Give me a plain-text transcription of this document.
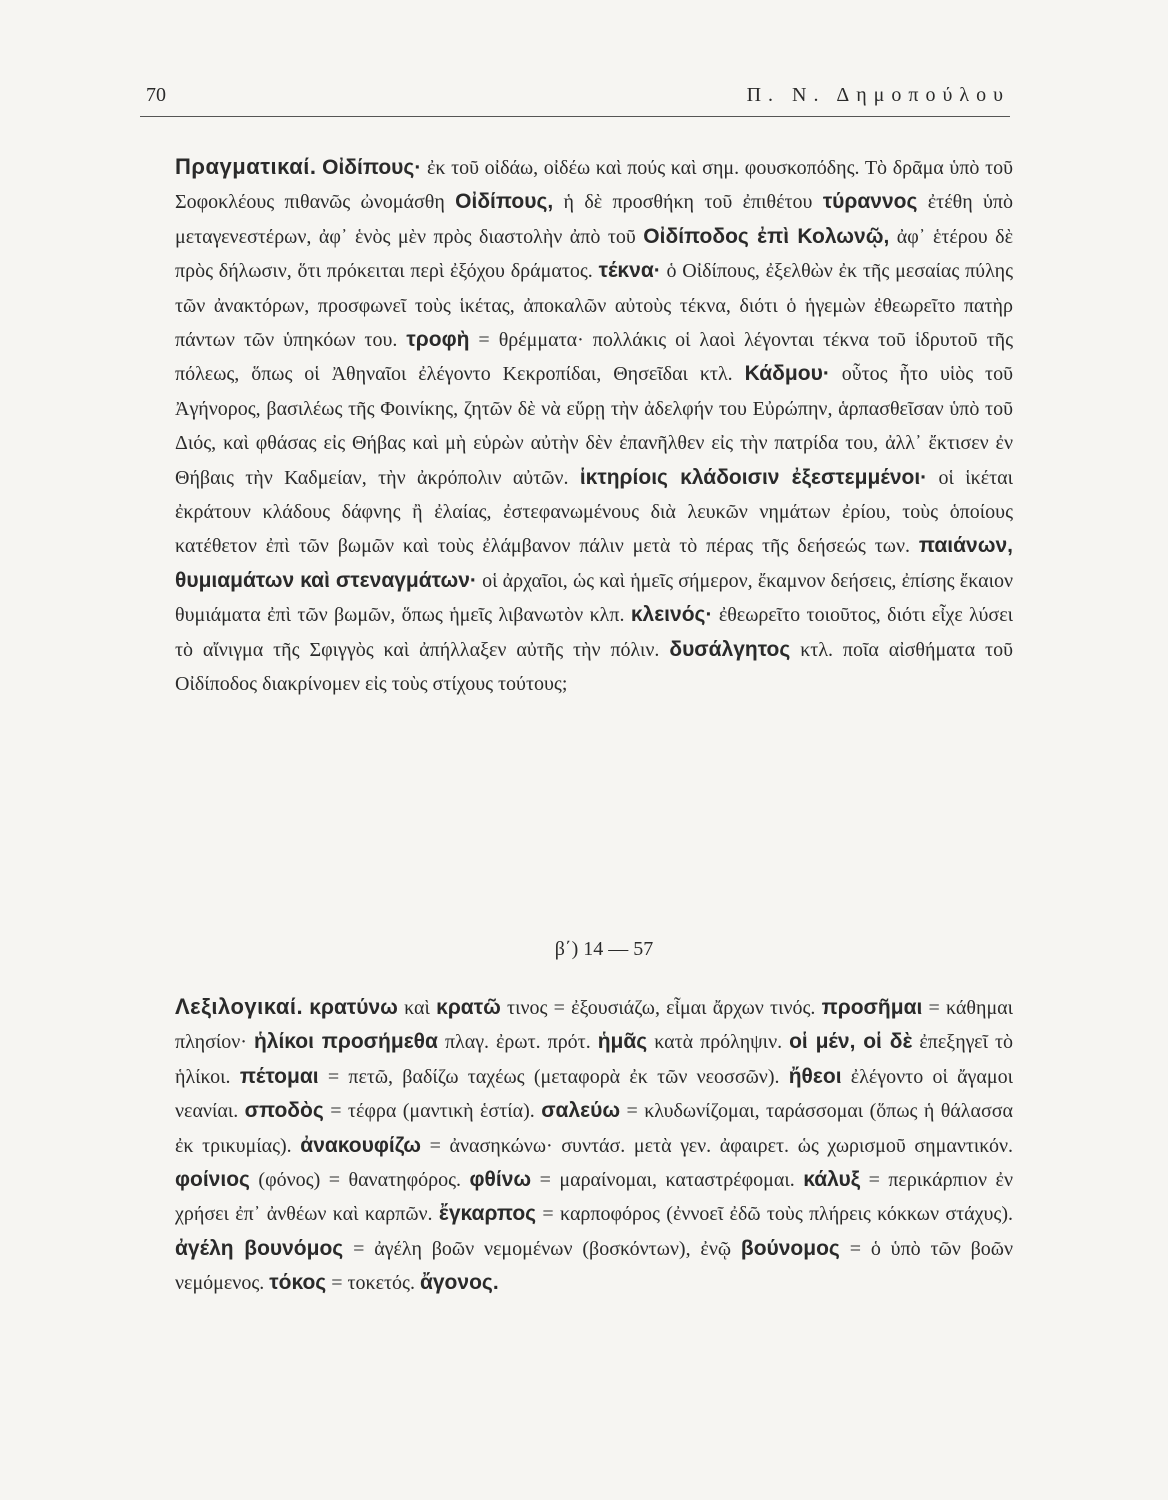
70	Π. Ν. Δημοπούλου

Πραγματικαί. Οἰδίπους· ἐκ τοῦ οἰδάω, οἰδέω καὶ πούς καὶ σημ. φουσκοπόδης. Τὸ δρᾶμα ὑπὸ τοῦ Σοφοκλέους πιθανῶς ὠνομάσθη Οἰδίπους, ἡ δὲ προσθήκη τοῦ ἐπιθέτου τύραννος ἐτέθη ὑπὸ μεταγενεστέρων, ἀφ᾽ ἑνὸς μὲν πρὸς διαστολὴν ἀπὸ τοῦ Οἰδίποδος ἐπὶ Κολωνῷ, ἀφ᾽ ἑτέρου δὲ πρὸς δήλωσιν, ὅτι πρόκειται περὶ ἐξόχου δράματος. τέκνα· ὁ Οἰδίπους, ἐξελθὼν ἐκ τῆς μεσαίας πύλης τῶν ἀνακτόρων, προσφωνεῖ τοὺς ἱκέτας, ἀποκαλῶν αὐτοὺς τέκνα, διότι ὁ ἡγεμὼν ἐθεωρεῖτο πατὴρ πάντων τῶν ὑπηκόων του. τροφὴ = θρέμματα· πολλάκις οἱ λαοὶ λέγονται τέκνα τοῦ ἱδρυτοῦ τῆς πόλεως, ὅπως οἱ Ἀθηναῖοι ἐλέγοντο Κεκροπίδαι, Θησεῖδαι κτλ. Κάδμου· οὗτος ἦτο υἱὸς τοῦ Ἀγήνορος, βασιλέως τῆς Φοινίκης, ζητῶν δὲ νὰ εὕρῃ τὴν ἀδελφήν του Εὐρώπην, ἁρπασθεῖσαν ὑπὸ τοῦ Διός, καὶ φθάσας εἰς Θήβας καὶ μὴ εὑρὼν αὐτὴν δὲν ἐπανῆλθεν εἰς τὴν πατρίδα του, ἀλλ᾽ ἔκτισεν ἐν Θήβαις τὴν Καδμείαν, τὴν ἀκρόπολιν αὐτῶν. ἱκτηρίοις κλάδοισιν ἐξεστεμμένοι· οἱ ἱκέται ἐκράτουν κλάδους δάφνης ἢ ἐλαίας, ἐστεφανωμένους διὰ λευκῶν νημάτων ἐρίου, τοὺς ὁποίους κατέθετον ἐπὶ τῶν βωμῶν καὶ τοὺς ἐλάμβανον πάλιν μετὰ τὸ πέρας τῆς δεήσεώς των. παιάνων, θυμιαμάτων καὶ στεναγμάτων· οἱ ἀρχαῖοι, ὡς καὶ ἡμεῖς σήμερον, ἔκαμνον δεήσεις, ἐπίσης ἔκαιον θυμιάματα ἐπὶ τῶν βωμῶν, ὅπως ἡμεῖς λιβανωτὸν κλπ. κλεινός· ἐθεωρεῖτο τοιοῦτος, διότι εἶχε λύσει τὸ αἴνιγμα τῆς Σφιγγὸς καὶ ἀπήλλαξεν αὐτῆς τὴν πόλιν. δυσάλγητος κτλ. ποῖα αἰσθήματα τοῦ Οἰδίποδος διακρίνομεν εἰς τοὺς στίχους τούτους;

β΄) 14 — 57

Λεξιλογικαί. κρατύνω καὶ κρατῶ τινος = ἐξουσιάζω, εἶμαι ἄρχων τινός. προσῆμαι = κάθημαι πλησίον· ἡλίκοι προσήμεθα πλαγ. ἐρωτ. πρότ. ἡμᾶς κατὰ πρόληψιν. οἱ μέν, οἱ δὲ ἐπεξηγεῖ τὸ ἡλίκοι. πέτομαι = πετῶ, βαδίζω ταχέως (μεταφορὰ ἐκ τῶν νεοσσῶν). ἤθεοι ἐλέγοντο οἱ ἄγαμοι νεανίαι. σποδὸς = τέφρα (μαντικὴ ἑστία). σαλεύω = κλυδωνίζομαι, ταράσσομαι (ὅπως ἡ θάλασσα ἐκ τρικυμίας). ἀνακουφίζω = ἀνασηκώνω· συντάσ. μετὰ γεν. ἀφαιρετ. ὡς χωρισμοῦ σημαντικόν. φοίνιος (φόνος) = θανατηφόρος. φθίνω = μαραίνομαι, καταστρέφομαι. κάλυξ = περικάρπιον ἐν χρήσει ἐπ᾽ ἀνθέων καὶ καρπῶν. ἔγκαρπος = καρποφόρος (ἐννοεῖ ἐδῶ τοὺς πλήρεις κόκκων στάχυς). ἀγέλη βουνόμος = ἀγέλη βοῶν νεμομένων (βοσκόντων), ἐνῷ βούνομος = ὁ ὑπὸ τῶν βοῶν νεμόμενος. τόκος = τοκετός. ἄγονος.
